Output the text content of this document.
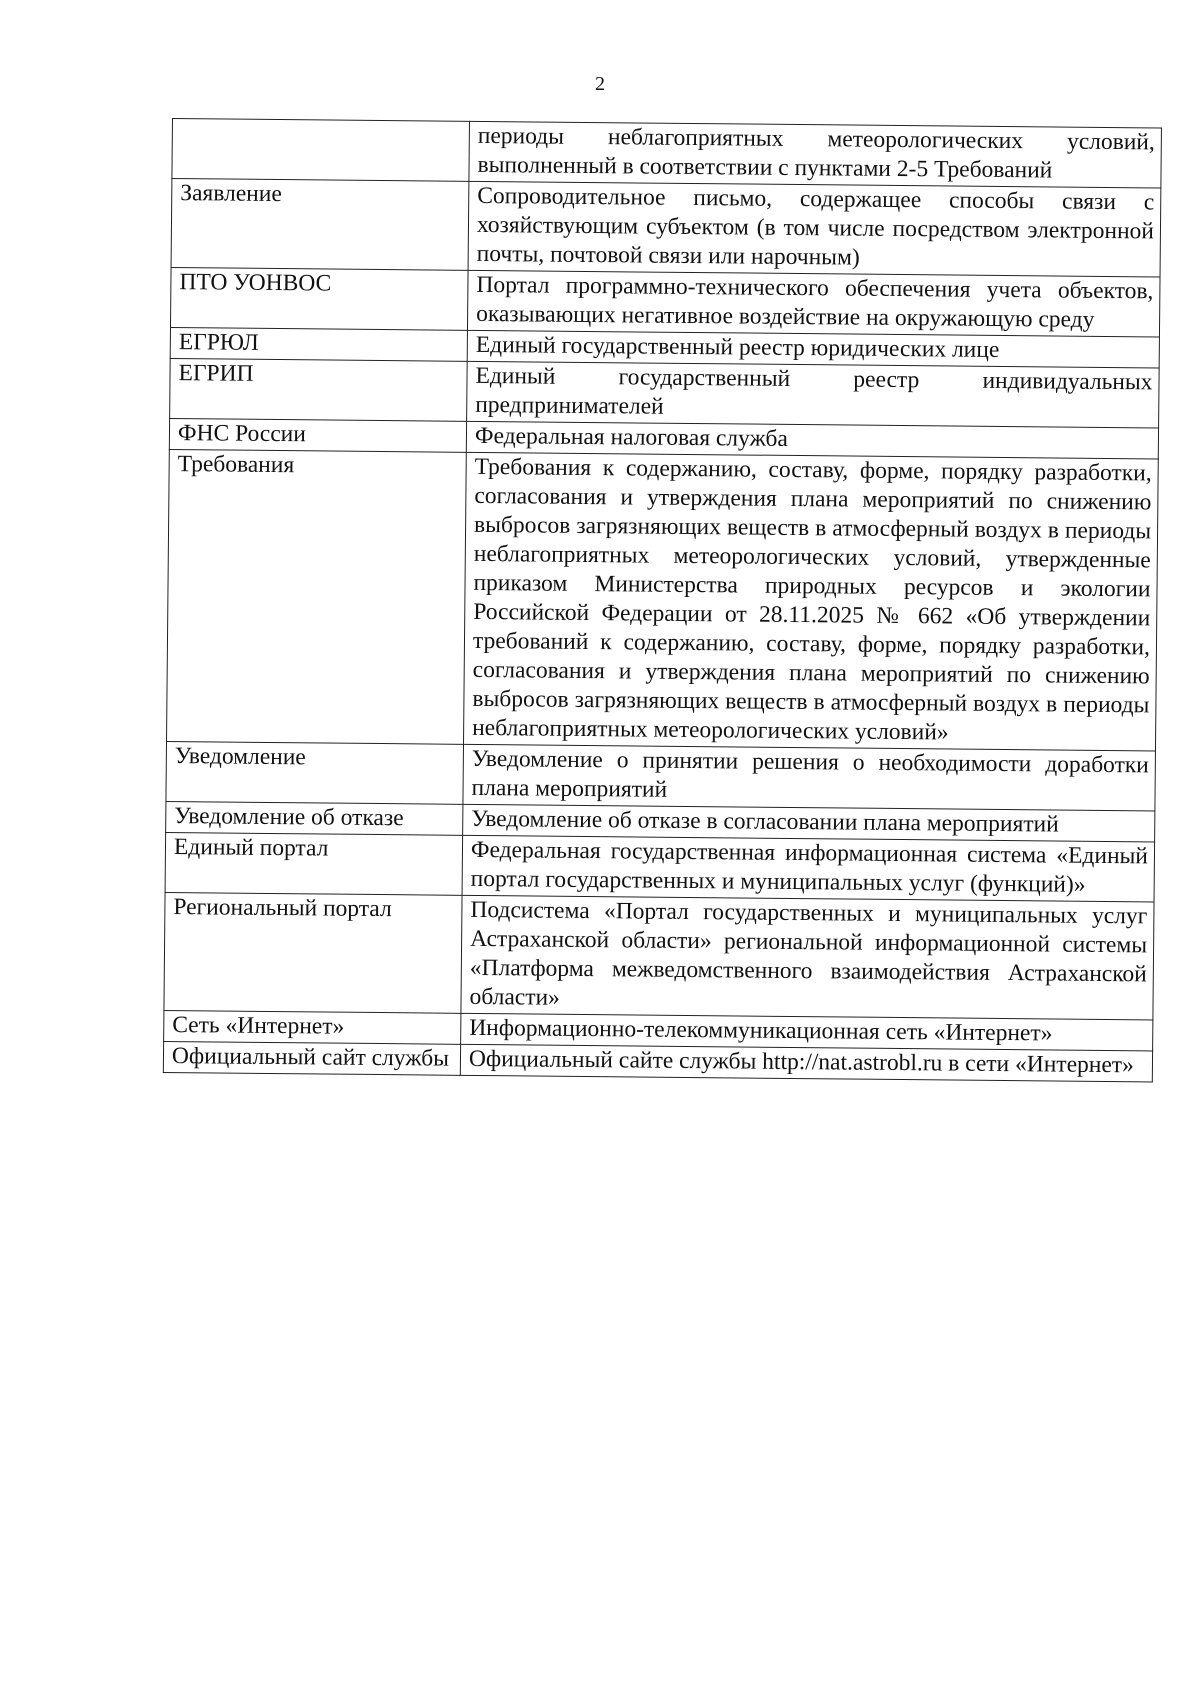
2
	периоды неблагоприятных метеорологических условий, выполненный в соответствии с пунктами 2-5 Требований
Заявление	Сопроводительное письмо, содержащее способы связи с хозяйствующим субъектом (в том числе посредством электронной почты, почтовой связи или нарочным)
ПТО УОНВОС	Портал программно-технического обеспечения учета объектов, оказывающих негативное воздействие на окружающую среду
ЕГРЮЛ	Единый государственный реестр юридических лице
ЕГРИП	Единый государственный реестр индивидуальных предпринимателей
ФНС России	Федеральная налоговая служба
Требования	Требования к содержанию, составу, форме, порядку разработки, согласования и утверждения плана мероприятий по снижению выбросов загрязняющих веществ в атмосферный воздух в периоды неблагоприятных метеорологических условий, утвержденные приказом Министерства природных ресурсов и экологии Российской Федерации от 28.11.2025 № 662 «Об утверждении требований к содержанию, составу, форме, порядку разработки, согласования и утверждения плана мероприятий по снижению выбросов загрязняющих веществ в атмосферный воздух в периоды неблагоприятных метеорологических условий»
Уведомление	Уведомление о принятии решения о необходимости доработки плана мероприятий
Уведомление об отказе	Уведомление об отказе в согласовании плана мероприятий
Единый портал	Федеральная государственная информационная система «Единый портал государственных и муниципальных услуг (функций)»
Региональный портал	Подсистема «Портал государственных и муниципальных услуг Астраханской области» региональной информационной системы «Платформа межведомственного взаимодействия Астраханской области»
Сеть «Интернет»	Информационно-телекоммуникационная сеть «Интернет»
Официальный сайт службы	Официальный сайте службы http://nat.astrobl.ru в сети «Интернет»
